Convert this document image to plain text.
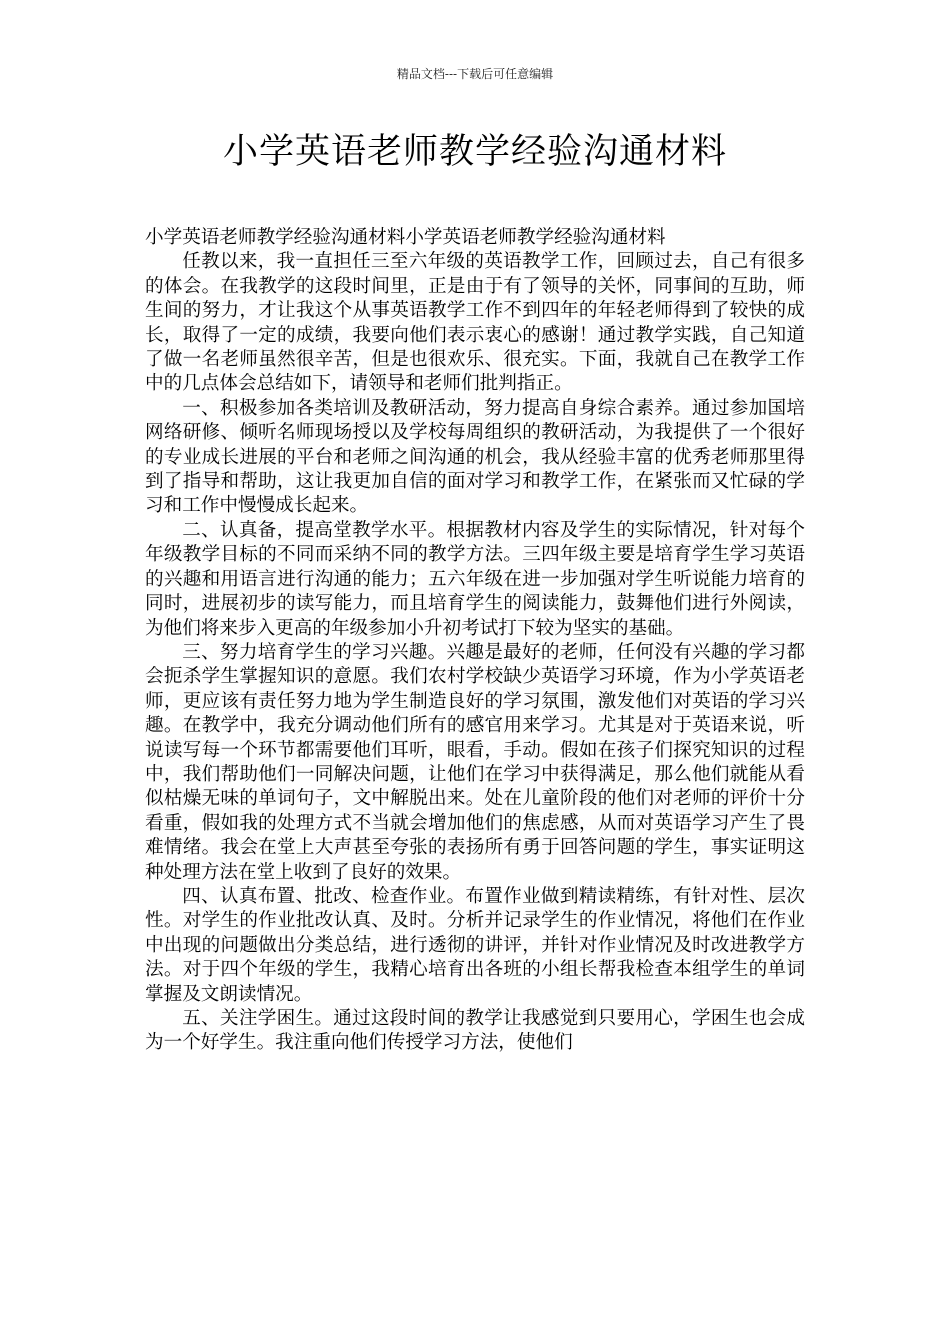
精品文档---下载后可任意编辑
小学英语老师教学经验沟通材料

小学英语老师教学经验沟通材料小学英语老师教学经验沟通材料

任教以来，我一直担任三至六年级的英语教学工作，回顾过去，自己有很多的体会。在我教学的这段时间里，正是由于有了领导的关怀，同事间的互助，师生间的努力，才让我这个从事英语教学工作不到四年的年轻老师得到了较快的成长，取得了一定的成绩，我要向他们表示衷心的感谢！通过教学实践，自己知道了做一名老师虽然很辛苦，但是也很欢乐、很充实。下面，我就自己在教学工作中的几点体会总结如下，请领导和老师们批判指正。

一、积极参加各类培训及教研活动，努力提高自身综合素养。通过参加国培网络研修、倾听名师现场授以及学校每周组织的教研活动，为我提供了一个很好的专业成长进展的平台和老师之间沟通的机会，我从经验丰富的优秀老师那里得到了指导和帮助，这让我更加自信的面对学习和教学工作，在紧张而又忙碌的学习和工作中慢慢成长起来。

二、认真备，提高堂教学水平。根据教材内容及学生的实际情况，针对每个年级教学目标的不同而采纳不同的教学方法。三四年级主要是培育学生学习英语的兴趣和用语言进行沟通的能力；五六年级在进一步加强对学生听说能力培育的同时，进展初步的读写能力，而且培育学生的阅读能力，鼓舞他们进行外阅读，为他们将来步入更高的年级参加小升初考试打下较为坚实的基础。

三、努力培育学生的学习兴趣。兴趣是最好的老师，任何没有兴趣的学习都会扼杀学生掌握知识的意愿。我们农村学校缺少英语学习环境，作为小学英语老师，更应该有责任努力地为学生制造良好的学习氛围，激发他们对英语的学习兴趣。在教学中，我充分调动他们所有的感官用来学习。尤其是对于英语来说，听说读写每一个环节都需要他们耳听，眼看，手动。假如在孩子们探究知识的过程中，我们帮助他们一同解决问题，让他们在学习中获得满足，那么他们就能从看似枯燥无味的单词句子，文中解脱出来。处在儿童阶段的他们对老师的评价十分看重，假如我的处理方式不当就会增加他们的焦虑感，从而对英语学习产生了畏难情绪。我会在堂上大声甚至夸张的表扬所有勇于回答问题的学生，事实证明这种处理方法在堂上收到了良好的效果。

四、认真布置、批改、检查作业。布置作业做到精读精练，有针对性、层次性。对学生的作业批改认真、及时。分析并记录学生的作业情况，将他们在作业中出现的问题做出分类总结，进行透彻的讲评，并针对作业情况及时改进教学方法。对于四个年级的学生，我精心培育出各班的小组长帮我检查本组学生的单词掌握及文朗读情况。

五、关注学困生。通过这段时间的教学让我感觉到只要用心，学困生也会成为一个好学生。我注重向他们传授学习方法，使他们
